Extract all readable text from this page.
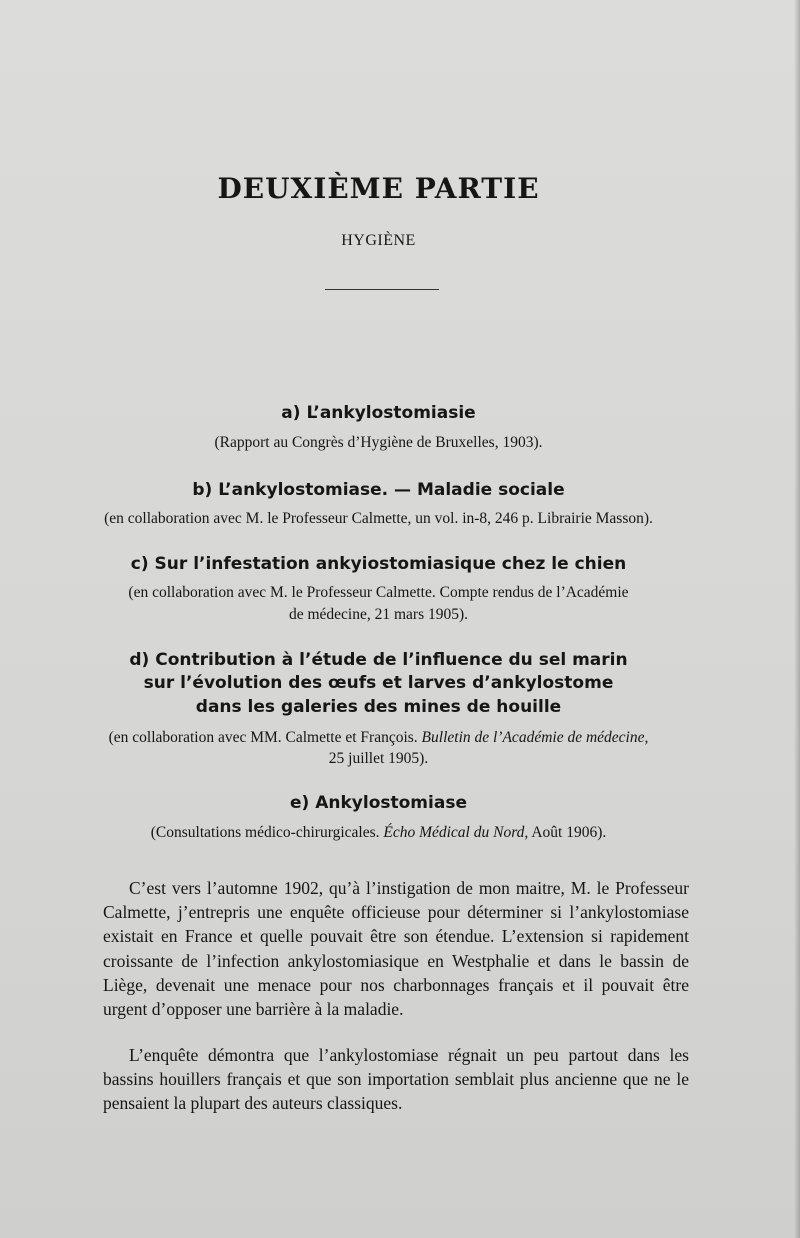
DEUXIÈME PARTIE
HYGIÈNE
a) L’ankylostomiasie
(Rapport au Congrès d’Hygiène de Bruxelles, 1903).
b) L’ankylostomiase. — Maladie sociale
(en collaboration avec M. le Professeur Calmette, un vol. in-8, 246 p. Librairie Masson).
c) Sur l’infestation ankyiostomiasique chez le chien
(en collaboration avec M. le Professeur Calmette. Compte rendus de l’Académie
de médecine, 21 mars 1905).
d) Contribution à l’étude de l’influence du sel marin
sur l’évolution des œufs et larves d’ankylostome
dans les galeries des mines de houille
(en collaboration avec MM. Calmette et François. Bulletin de l’Académie de médecine,
25 juillet 1905).
e) Ankylostomiase
(Consultations médico-chirurgicales. Écho Médical du Nord, Août 1906).

C’est vers l’automne 1902, qu’à l’instigation de mon maitre, M. le Professeur Calmette, j’entrepris une enquête officieuse pour déterminer si l’ankylostomiase existait en France et quelle pouvait être son étendue. L’extension si rapidement croissante de l’infection ankylostomiasique en Westphalie et dans le bassin de Liège, devenait une menace pour nos charbonnages français et il pouvait être urgent d’opposer une barrière à la maladie.

L’enquête démontra que l’ankylostomiase régnait un peu partout dans les bassins houillers français et que son importation semblait plus ancienne que ne le pensaient la plupart des auteurs classiques.
